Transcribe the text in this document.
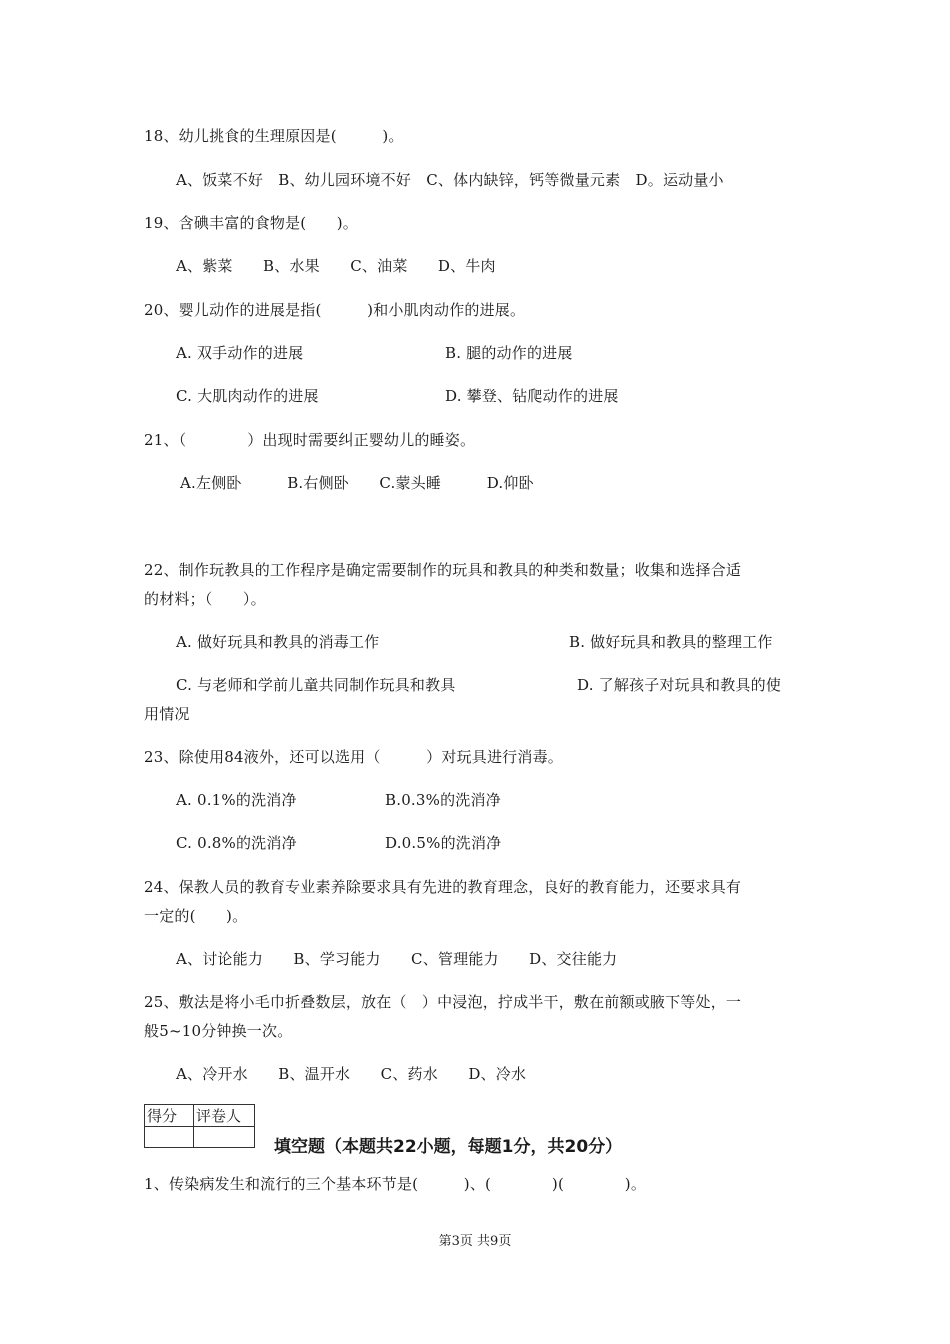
18、幼儿挑食的生理原因是(　　　)。
A、饭菜不好　B、幼儿园环境不好　C、体内缺锌，钙等微量元素　D。运动量小
19、含碘丰富的食物是(　　)。
A、紫菜　　B、水果　　C、油菜　　D、牛肉
20、婴儿动作的进展是指(　　　)和小肌肉动作的进展。
A. 双手动作的进展	B. 腿的动作的进展
C. 大肌肉动作的进展	D. 攀登、钻爬动作的进展
21、（　　　　）出现时需要纠正婴幼儿的睡姿。
A.左侧卧　　　B.右侧卧　　C.蒙头睡　　　D.仰卧
22、制作玩教具的工作程序是确定需要制作的玩具和教具的种类和数量；收集和选择合适
的材料；（　　）。
A. 做好玩具和教具的消毒工作	B. 做好玩具和教具的整理工作
C. 与老师和学前儿童共同制作玩具和教具	D. 了解孩子对玩具和教具的使
用情况
23、除使用84液外，还可以选用（　　　）对玩具进行消毒。
A. 0.1%的洗消净	B.0.3%的洗消净
C. 0.8%的洗消净	D.0.5%的洗消净
24、保教人员的教育专业素养除要求具有先进的教育理念，良好的教育能力，还要求具有
一定的(　　)。
A、讨论能力　　B、学习能力　　C、管理能力　　D、交往能力
25、敷法是将小毛巾折叠数层，放在（　）中浸泡，拧成半干，敷在前额或腋下等处，一
般5~10分钟换一次。
A、冷开水　　B、温开水　　C、药水　　D、冷水
得分	评卷人

填空题（本题共22小题，每题1分，共20分）
1、传染病发生和流行的三个基本环节是(　　　)、(　　　　)(　　　　)。
第3页 共9页
